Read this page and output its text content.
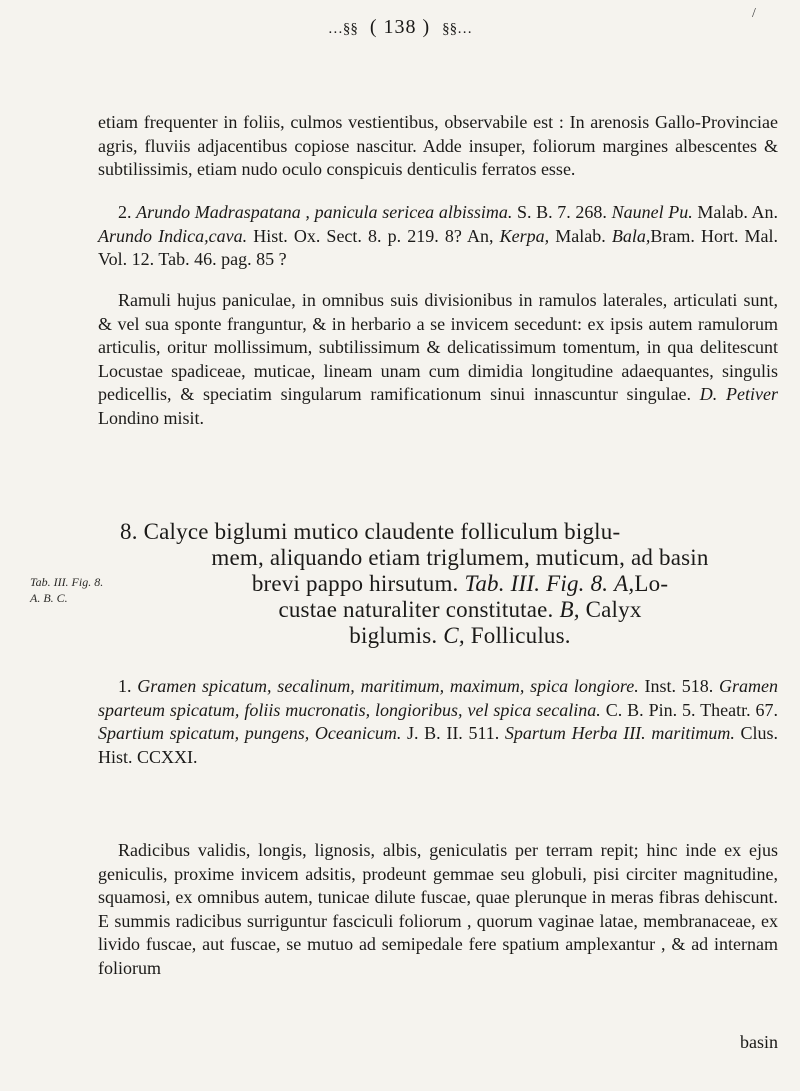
/
…§§ ( 138 ) §§…

etiam frequenter in foliis, culmos vestientibus, observabile est : In arenosis Gallo-Provinciae agris, fluviis adjacentibus copiose nascitur. Adde insuper, foliorum margines albescentes & subtilissimis, etiam nudo oculo conspicuis denticulis ferratos esse.

2. Arundo Madraspatana , panicula sericea albissima. S. B. 7. 268. Naunel Pu. Malab. An. Arundo Indica,cava. Hist. Ox. Sect. 8. p. 219. 8? An, Kerpa, Malab. Bala,Bram. Hort. Mal. Vol. 12. Tab. 46. pag. 85 ?

Ramuli hujus paniculae, in omnibus suis divisionibus in ramulos laterales, articulati sunt, & vel sua sponte franguntur, & in herbario a se invicem secedunt: ex ipsis autem ramulorum articulis, oritur mollissimum, subtilissimum & delicatissimum tomentum, in qua delitescunt Locustae spadiceae, muticae, lineam unam cum dimidia longitudine adaequantes, singulis pedicellis, & speciatim singularum ramificationum sinui innascuntur singulae. D. Petiver Londino misit.

8. Calyce biglumi mutico claudente folliculum biglu-

mem, aliquando etiam triglumem, muticum, ad basin

brevi pappo hirsutum. Tab. III. Fig. 8. A,Lo-

custae naturaliter constitutae. B, Calyx

biglumis. C, Folliculus.

Tab. III. Fig. 8.
A. B. C.

1. Gramen spicatum, secalinum, maritimum, maximum, spica longiore. Inst. 518. Gramen sparteum spicatum, foliis mucronatis, longioribus, vel spica secalina. C. B. Pin. 5. Theatr. 67. Spartium spicatum, pungens, Oceanicum. J. B. II. 511. Spartum Herba III. maritimum. Clus. Hist. CCXXI.

Radicibus validis, longis, lignosis, albis, geniculatis per terram repit; hinc inde ex ejus geniculis, proxime invicem adsitis, prodeunt gemmae seu globuli, pisi circiter magnitudine, squamosi, ex omnibus autem, tunicae dilute fuscae, quae plerunque in meras fibras dehiscunt. E summis radicibus surriguntur fasciculi foliorum , quorum vaginae latae, membranaceae, ex livido fuscae, aut fuscae, se mutuo ad semipedale fere spatium amplexantur , & ad internam foliorum

basin
